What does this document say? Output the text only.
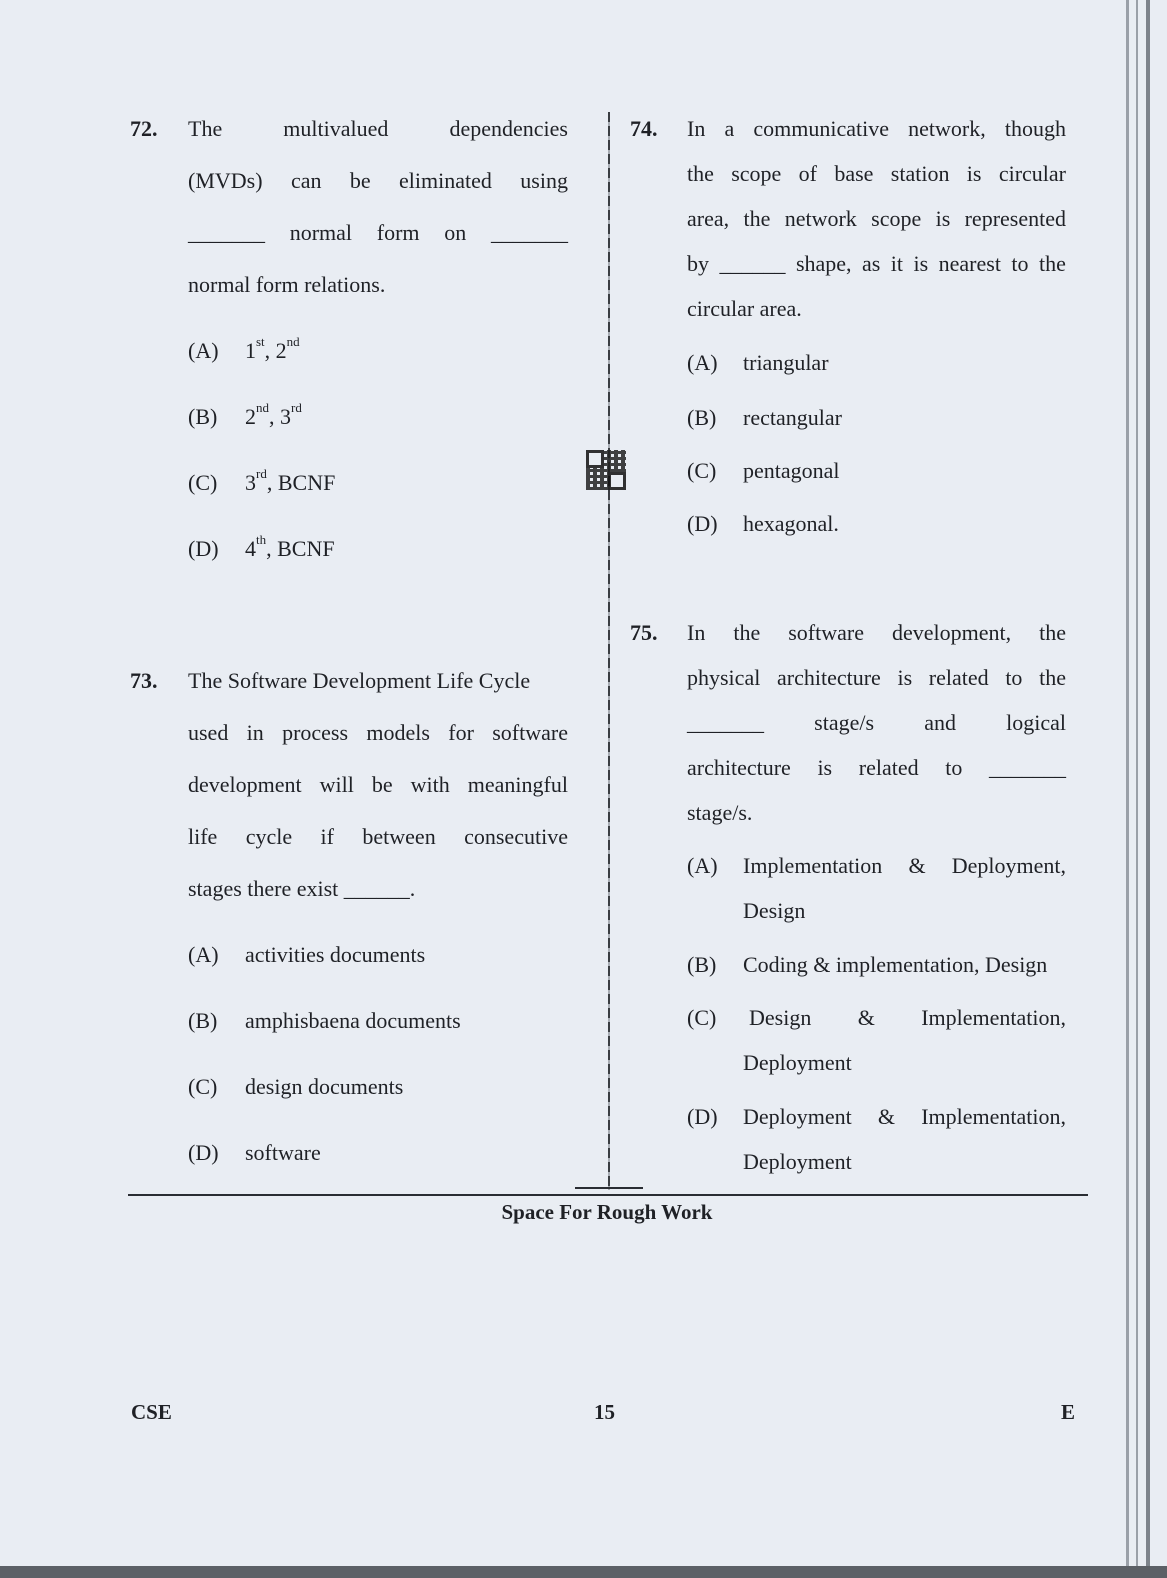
72. The	multivalued	dependencies
(MVDs) can be eliminated using
_______ normal form on _______
normal form relations.
(A) 1st, 2nd
(B) 2nd, 3rd
(C) 3rd, BCNF
(D) 4th, BCNF
73. The Software Development Life Cycle
used in process models for software
development will be with meaningful
life cycle if between consecutive
stages there exist ______.
(A) activities documents
(B) amphisbaena documents
(C) design documents
(D) software
74. In a communicative network, though
the scope of base station is circular
area, the network scope is represented
by ______ shape, as it is nearest to the
circular area.
(A) triangular
(B) rectangular
(C) pentagonal
(D) hexagonal.
75. In the software development, the
physical architecture is related to the
_______ stage/s and logical
architecture is related to _______
stage/s.
(A) Implementation & Deployment,
Design
(B) Coding & implementation, Design
(C) Design & Implementation,
Deployment
(D) Deployment & Implementation,
Deployment
Space For Rough Work
CSE	15	E
